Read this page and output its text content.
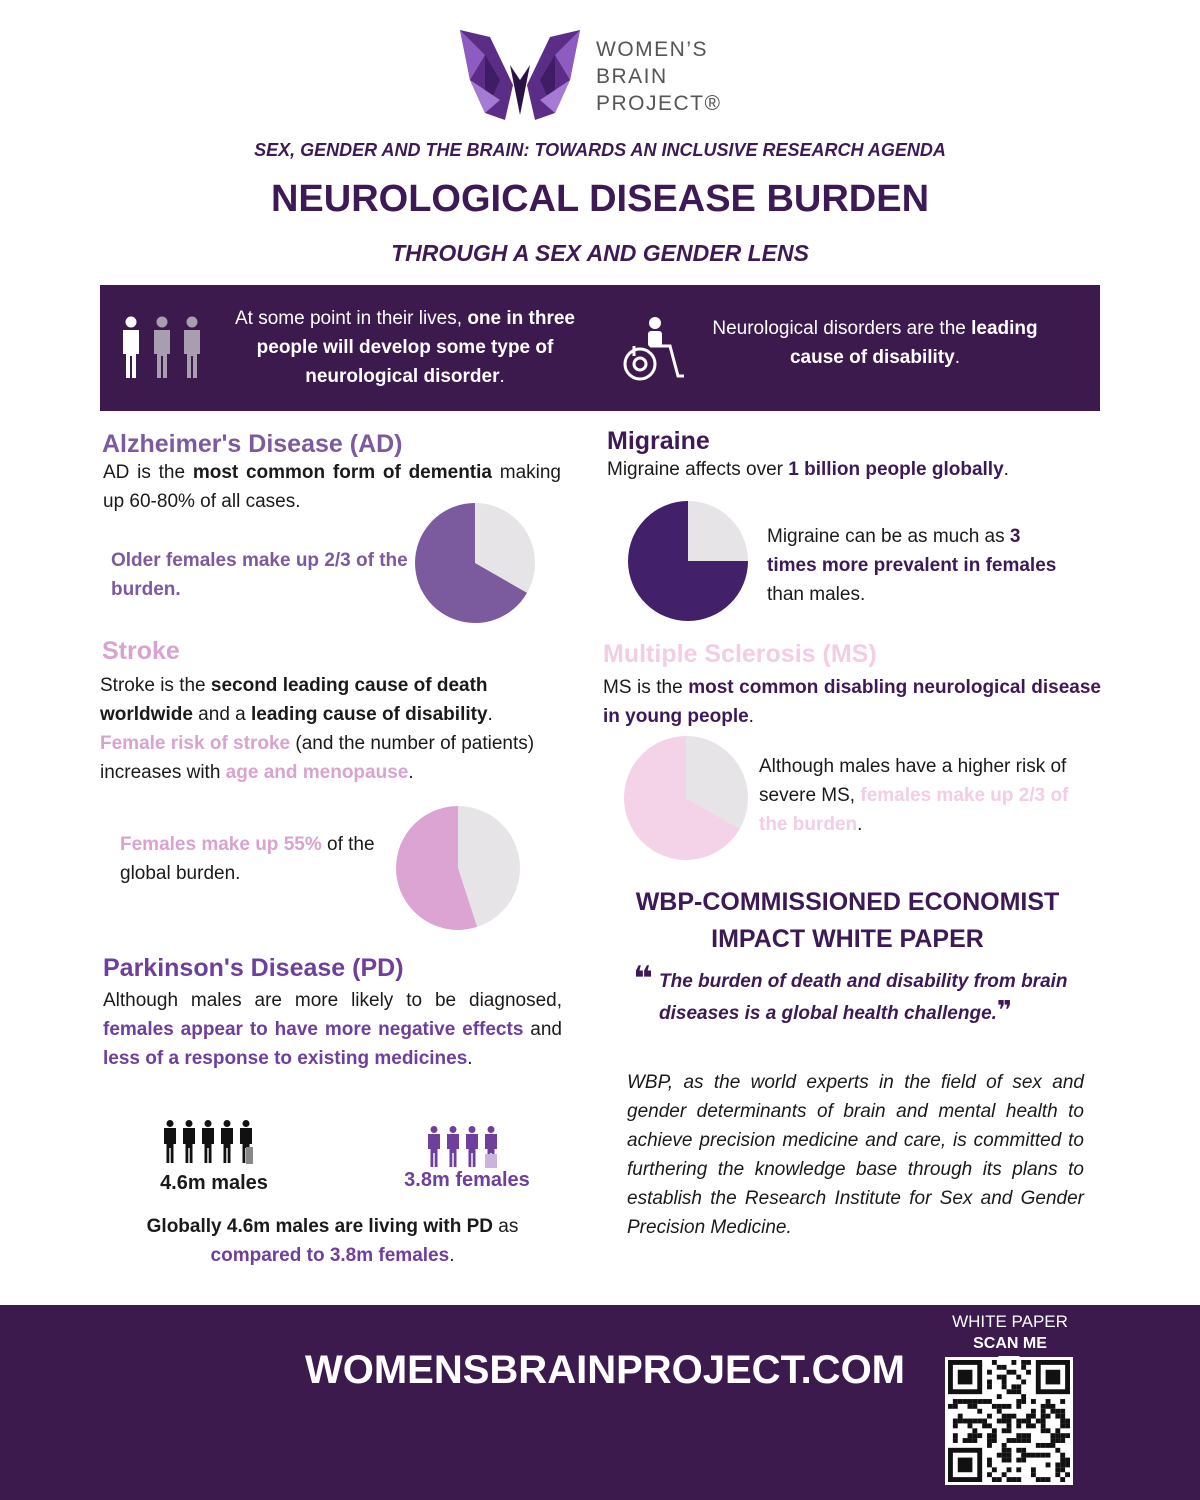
WOMEN’S
BRAIN
PROJECT®
SEX, GENDER AND THE BRAIN: TOWARDS AN INCLUSIVE RESEARCH AGENDA
NEUROLOGICAL DISEASE BURDEN
THROUGH A SEX AND GENDER LENS
At some point in their lives, one in three people will develop some type of neurological disorder.
Neurological disorders are the leading cause of disability.
Alzheimer's Disease (AD)
AD is the most common form of dementia making up 60-80% of all cases.
Older females make up 2/3 of the burden.
Migraine
Migraine affects over 1 billion people globally.
Migraine can be as much as 3 times more prevalent in females than males.
Stroke
Stroke is the second leading cause of death worldwide and a leading cause of disability. Female risk of stroke (and the number of patients) increases with age and menopause.
Females make up 55% of the global burden.
Multiple Sclerosis (MS)
MS is the most common disabling neurological disease in young people.
Although males have a higher risk of severe MS, females make up 2/3 of the burden.
WBP-COMMISSIONED ECONOMIST
IMPACT WHITE PAPER
❝ The burden of death and disability from brain diseases is a global health challenge.❞
WBP, as the world experts in the field of sex and gender determinants of brain and mental health to achieve precision medicine and care, is committed to furthering the knowledge base through its plans to establish the Research Institute for Sex and Gender Precision Medicine.
Parkinson's Disease (PD)
Although males are more likely to be diagnosed, females appear to have more negative effects and less of a response to existing medicines.
4.6m males	3.8m females
Globally 4.6m males are living with PD as compared to 3.8m females.
WOMENSBRAINPROJECT.COM
WHITE PAPER
SCAN ME
